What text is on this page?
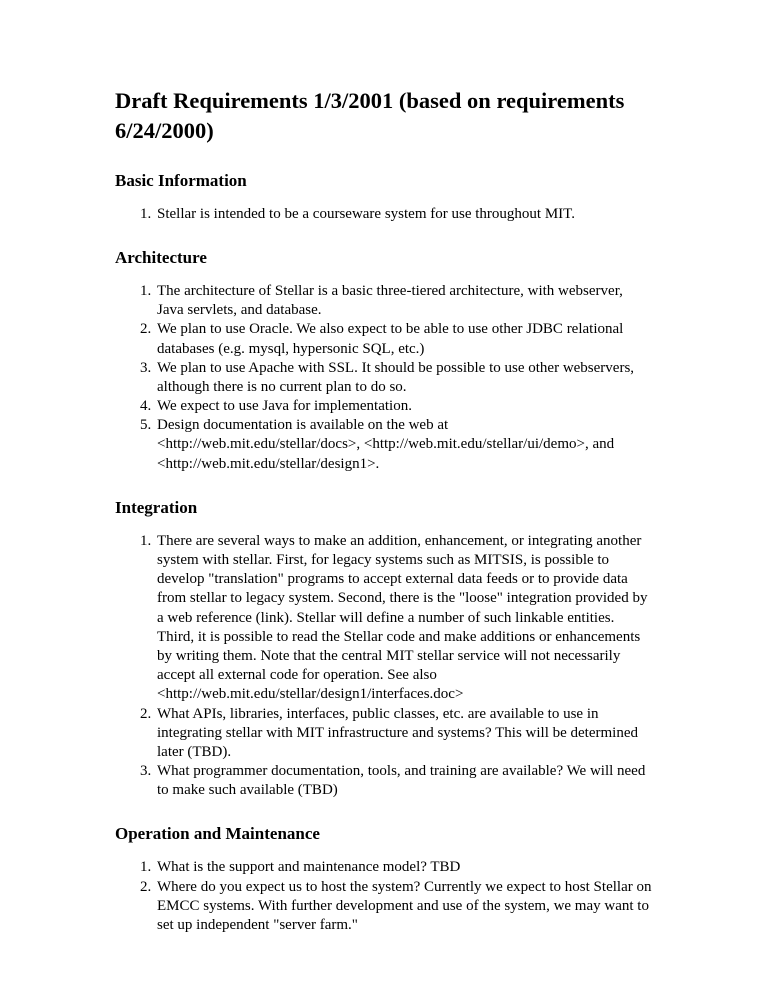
Draft Requirements 1/3/2001 (based on requirements 6/24/2000)
Basic Information
1. Stellar is intended to be a courseware system for use throughout MIT.
Architecture
1. The architecture of Stellar is a basic three-tiered architecture, with webserver, Java servlets, and database.
2. We plan to use Oracle. We also expect to be able to use other JDBC relational databases (e.g. mysql, hypersonic SQL, etc.)
3. We plan to use Apache with SSL. It should be possible to use other webservers, although there is no current plan to do so.
4. We expect to use Java for implementation.
5. Design documentation is available on the web at <http://web.mit.edu/stellar/docs>, <http://web.mit.edu/stellar/ui/demo>, and <http://web.mit.edu/stellar/design1>.
Integration
1. There are several ways to make an addition, enhancement, or integrating another system with stellar. First, for legacy systems such as MITSIS, is possible to develop "translation" programs to accept external data feeds or to provide data from stellar to legacy system. Second, there is the "loose" integration provided by a web reference (link). Stellar will define a number of such linkable entities. Third, it is possible to read the Stellar code and make additions or enhancements by writing them. Note that the central MIT stellar service will not necessarily accept all external code for operation. See also <http://web.mit.edu/stellar/design1/interfaces.doc>
2. What APIs, libraries, interfaces, public classes, etc. are available to use in integrating stellar with MIT infrastructure and systems? This will be determined later (TBD).
3. What programmer documentation, tools, and training are available? We will need to make such available (TBD)
Operation and Maintenance
1. What is the support and maintenance model? TBD
2. Where do you expect us to host the system? Currently we expect to host Stellar on EMCC systems. With further development and use of the system, we may want to set up independent "server farm."
